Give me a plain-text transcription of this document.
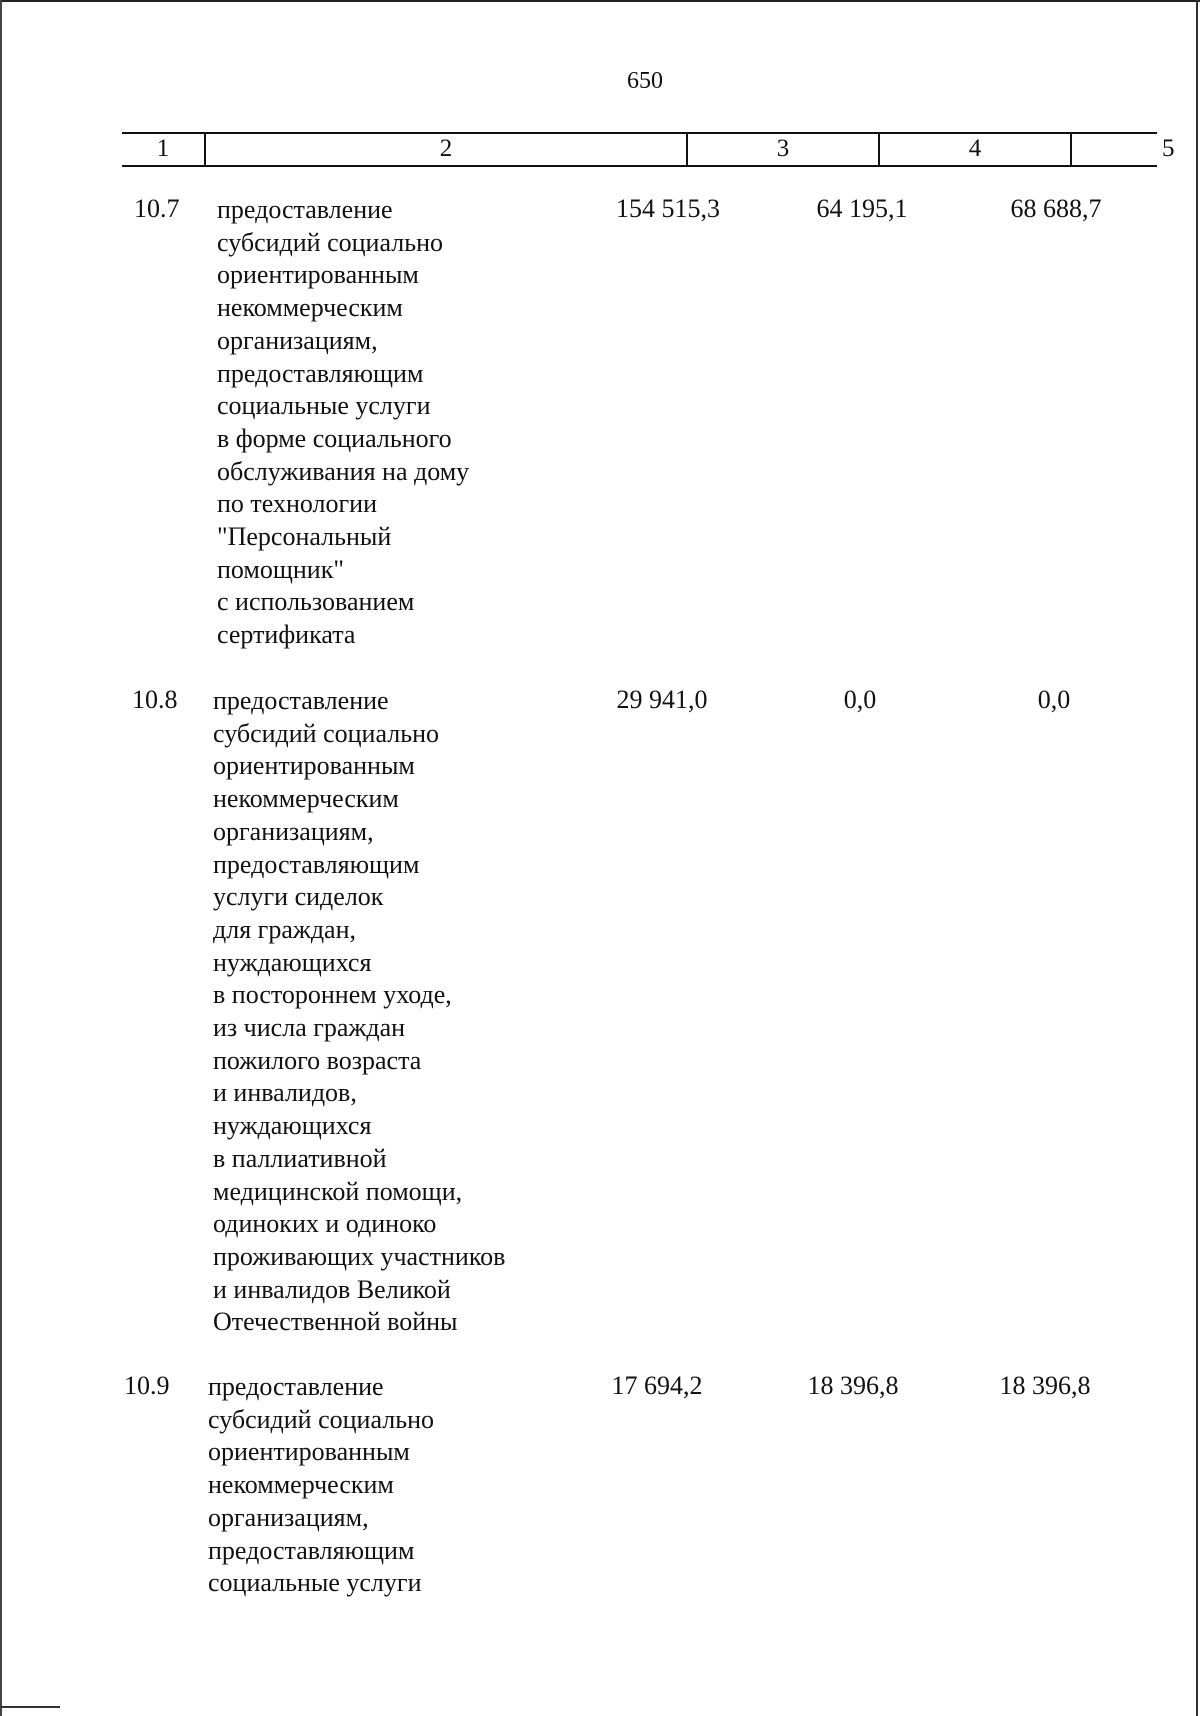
650
1	2	3	4	5
10.7 предоставление
субсидий социально
ориентированным
некоммерческим
организациям,
предоставляющим
социальные услуги
в форме социального
обслуживания на дому
по технологии
"Персональный
помощник"
с использованием
сертификата
154 515,3	64 195,1	68 688,7
10.8 предоставление
субсидий социально
ориентированным
некоммерческим
организациям,
предоставляющим
услуги сиделок
для граждан,
нуждающихся
в постороннем уходе,
из числа граждан
пожилого возраста
и инвалидов,
нуждающихся
в паллиативной
медицинской помощи,
одиноких и одиноко
проживающих участников
и инвалидов Великой
Отечественной войны
29 941,0	0,0	0,0
10.9 предоставление
субсидий социально
ориентированным
некоммерческим
организациям,
предоставляющим
социальные услуги
17 694,2	18 396,8	18 396,8
